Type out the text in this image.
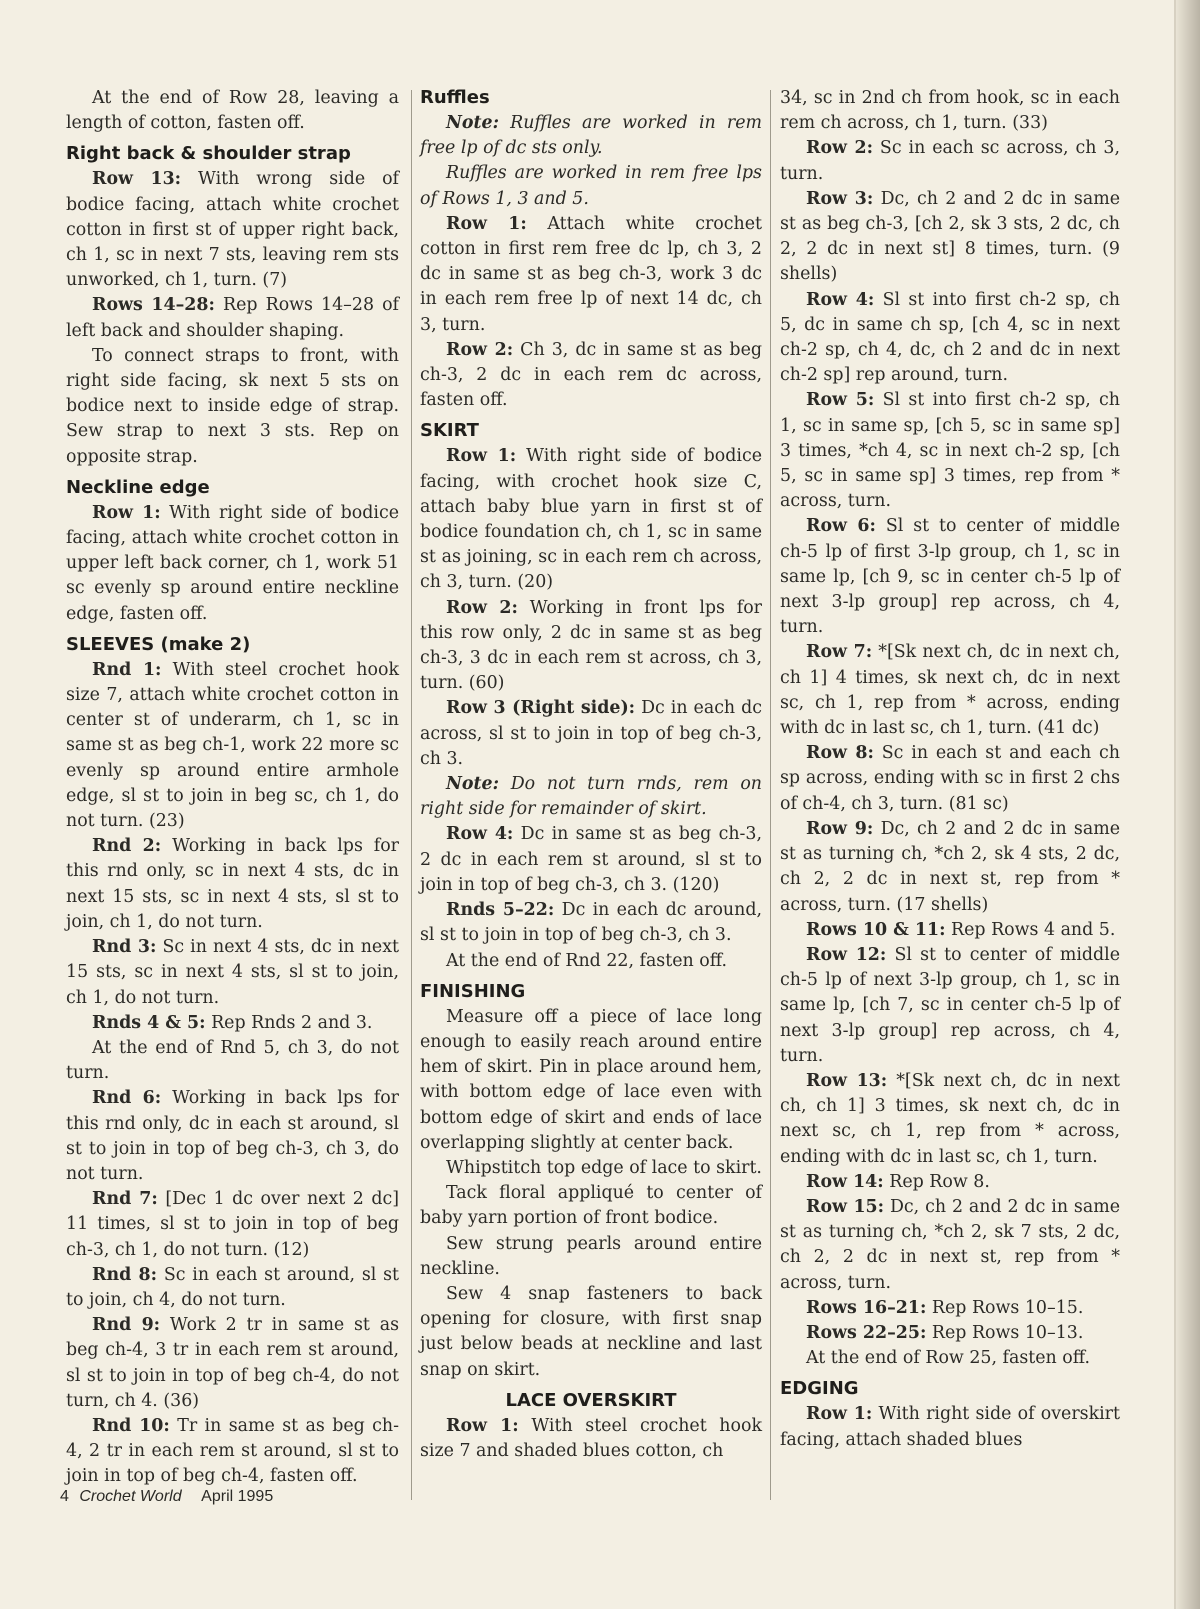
At the end of Row 28, leaving a length of cotton, fasten off.

Right back & shoulder strap

Row 13: With wrong side of bodice facing, attach white crochet cotton in first st of upper right back, ch 1, sc in next 7 sts, leaving rem sts unworked, ch 1, turn. (7)

Rows 14–28: Rep Rows 14–28 of left back and shoulder shaping.

To connect straps to front, with right side facing, sk next 5 sts on bodice next to inside edge of strap. Sew strap to next 3 sts. Rep on opposite strap.

Neckline edge

Row 1: With right side of bodice facing, attach white crochet cotton in upper left back corner, ch 1, work 51 sc evenly sp around entire neckline edge, fasten off.

SLEEVES (make 2)

Rnd 1: With steel crochet hook size 7, attach white crochet cotton in center st of underarm, ch 1, sc in same st as beg ch-1, work 22 more sc evenly sp around entire armhole edge, sl st to join in beg sc, ch 1, do not turn. (23)

Rnd 2: Working in back lps for this rnd only, sc in next 4 sts, dc in next 15 sts, sc in next 4 sts, sl st to join, ch 1, do not turn.

Rnd 3: Sc in next 4 sts, dc in next 15 sts, sc in next 4 sts, sl st to join, ch 1, do not turn.

Rnds 4 & 5: Rep Rnds 2 and 3.

At the end of Rnd 5, ch 3, do not turn.

Rnd 6: Working in back lps for this rnd only, dc in each st around, sl st to join in top of beg ch-3, ch 3, do not turn.

Rnd 7: [Dec 1 dc over next 2 dc] 11 times, sl st to join in top of beg ch-3, ch 1, do not turn. (12)

Rnd 8: Sc in each st around, sl st to join, ch 4, do not turn.

Rnd 9: Work 2 tr in same st as beg ch-4, 3 tr in each rem st around, sl st to join in top of beg ch-4, do not turn, ch 4. (36)

Rnd 10: Tr in same st as beg ch-4, 2 tr in each rem st around, sl st to join in top of beg ch-4, fasten off.

Ruffles

Note: Ruffles are worked in rem free lp of dc sts only.

Ruffles are worked in rem free lps of Rows 1, 3 and 5.

Row 1: Attach white crochet cotton in first rem free dc lp, ch 3, 2 dc in same st as beg ch-3, work 3 dc in each rem free lp of next 14 dc, ch 3, turn.

Row 2: Ch 3, dc in same st as beg ch-3, 2 dc in each rem dc across, fasten off.

SKIRT

Row 1: With right side of bodice facing, with crochet hook size C, attach baby blue yarn in first st of bodice foundation ch, ch 1, sc in same st as joining, sc in each rem ch across, ch 3, turn. (20)

Row 2: Working in front lps for this row only, 2 dc in same st as beg ch-3, 3 dc in each rem st across, ch 3, turn. (60)

Row 3 (Right side): Dc in each dc across, sl st to join in top of beg ch-3, ch 3.

Note: Do not turn rnds, rem on right side for remainder of skirt.

Row 4: Dc in same st as beg ch-3, 2 dc in each rem st around, sl st to join in top of beg ch-3, ch 3. (120)

Rnds 5–22: Dc in each dc around, sl st to join in top of beg ch-3, ch 3.

At the end of Rnd 22, fasten off.

FINISHING

Measure off a piece of lace long enough to easily reach around entire hem of skirt. Pin in place around hem, with bottom edge of lace even with bottom edge of skirt and ends of lace overlapping slightly at center back.

Whipstitch top edge of lace to skirt.

Tack floral appliqué to center of baby yarn portion of front bodice.

Sew strung pearls around entire neckline.

Sew 4 snap fasteners to back opening for closure, with first snap just below beads at neckline and last snap on skirt.

LACE OVERSKIRT

Row 1: With steel crochet hook size 7 and shaded blues cotton, ch

34, sc in 2nd ch from hook, sc in each rem ch across, ch 1, turn. (33)

Row 2: Sc in each sc across, ch 3, turn.

Row 3: Dc, ch 2 and 2 dc in same st as beg ch-3, [ch 2, sk 3 sts, 2 dc, ch 2, 2 dc in next st] 8 times, turn. (9 shells)

Row 4: Sl st into first ch-2 sp, ch 5, dc in same ch sp, [ch 4, sc in next ch-2 sp, ch 4, dc, ch 2 and dc in next ch-2 sp] rep around, turn.

Row 5: Sl st into first ch-2 sp, ch 1, sc in same sp, [ch 5, sc in same sp] 3 times, *ch 4, sc in next ch-2 sp, [ch 5, sc in same sp] 3 times, rep from * across, turn.

Row 6: Sl st to center of middle ch-5 lp of first 3-lp group, ch 1, sc in same lp, [ch 9, sc in center ch-5 lp of next 3-lp group] rep across, ch 4, turn.

Row 7: *[Sk next ch, dc in next ch, ch 1] 4 times, sk next ch, dc in next sc, ch 1, rep from * across, ending with dc in last sc, ch 1, turn. (41 dc)

Row 8: Sc in each st and each ch sp across, ending with sc in first 2 chs of ch-4, ch 3, turn. (81 sc)

Row 9: Dc, ch 2 and 2 dc in same st as turning ch, *ch 2, sk 4 sts, 2 dc, ch 2, 2 dc in next st, rep from * across, turn. (17 shells)

Rows 10 & 11: Rep Rows 4 and 5.

Row 12: Sl st to center of middle ch-5 lp of next 3-lp group, ch 1, sc in same lp, [ch 7, sc in center ch-5 lp of next 3-lp group] rep across, ch 4, turn.

Row 13: *[Sk next ch, dc in next ch, ch 1] 3 times, sk next ch, dc in next sc, ch 1, rep from * across, ending with dc in last sc, ch 1, turn.

Row 14: Rep Row 8.

Row 15: Dc, ch 2 and 2 dc in same st as turning ch, *ch 2, sk 7 sts, 2 dc, ch 2, 2 dc in next st, rep from * across, turn.

Rows 16–21: Rep Rows 10–15.

Rows 22–25: Rep Rows 10–13.

At the end of Row 25, fasten off.

EDGING

Row 1: With right side of overskirt facing, attach shaded blues

4 Crochet World April 1995
